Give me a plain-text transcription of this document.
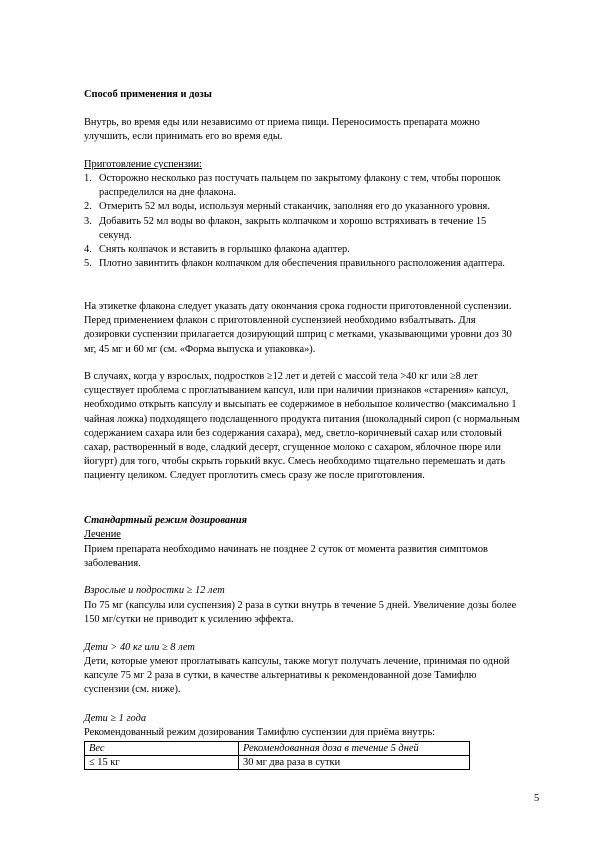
Способ применения и дозы

Внутрь, во время еды или независимо от приема пищи. Переносимость препарата можно улучшить, если принимать его во время еды.

Приготовление суспензии:

1. Осторожно несколько раз постучать пальцем по закрытому флакону с тем, чтобы порошок распределился на дне флакона.
2. Отмерить 52 мл воды, используя мерный стаканчик, заполняя его до указанного уровня.
3. Добавить 52 мл воды во флакон, закрыть колпачком и хорошо встряхивать в течение 15 секунд.
4. Снять колпачок и вставить в горлышко флакона адаптер.
5. Плотно завинтить флакон колпачком для обеспечения правильного расположения адаптера.

На этикетке флакона следует указать дату окончания срока годности приготовленной суспензии. Перед применением флакон с приготовленной суспензией необходимо взбалтывать. Для дозировки суспензии прилагается дозирующий шприц с метками, указывающими уровни доз 30 мг, 45 мг и 60 мг (см. «Форма выпуска и упаковка»).

В случаях, когда у взрослых, подростков ≥12 лет и детей с массой тела >40 кг или ≥8 лет существует проблема с проглатыванием капсул, или при наличии признаков «старения» капсул, необходимо открыть капсулу и высыпать ее содержимое в небольшое количество (максимально 1 чайная ложка) подходящего подслащенного продукта питания (шоколадный сироп (с нормальным содержанием сахара или без содержания сахара), мед, светло-коричневый сахар или столовый сахар, растворенный в воде, сладкий десерт, сгущенное молоко с сахаром, яблочное пюре или йогурт) для того, чтобы скрыть горький вкус. Смесь необходимо тщательно перемешать и дать пациенту целиком. Следует проглотить смесь сразу же после приготовления.

Стандартный режим дозирования

Лечение

Прием препарата необходимо начинать не позднее 2 суток от момента развития симптомов заболевания.

Взрослые и подростки ≥ 12 лет

По 75 мг (капсулы или суспензия) 2 раза в сутки внутрь в течение 5 дней. Увеличение дозы более 150 мг/сутки не приводит к усилению эффекта.

Дети > 40 кг или ≥ 8 лет

Дети, которые умеют проглатывать капсулы, также могут получать лечение, принимая по одной капсуле 75 мг 2 раза в сутки, в качестве альтернативы к рекомендованной дозе Тамифлю суспензии (см. ниже).

Дети ≥ 1 года

Рекомендованный режим дозирования Тамифлю суспензии для приёма внутрь:

Вес	Рекомендованная доза в течение 5 дней
≤ 15 кг	30 мг два раза в сутки
5
